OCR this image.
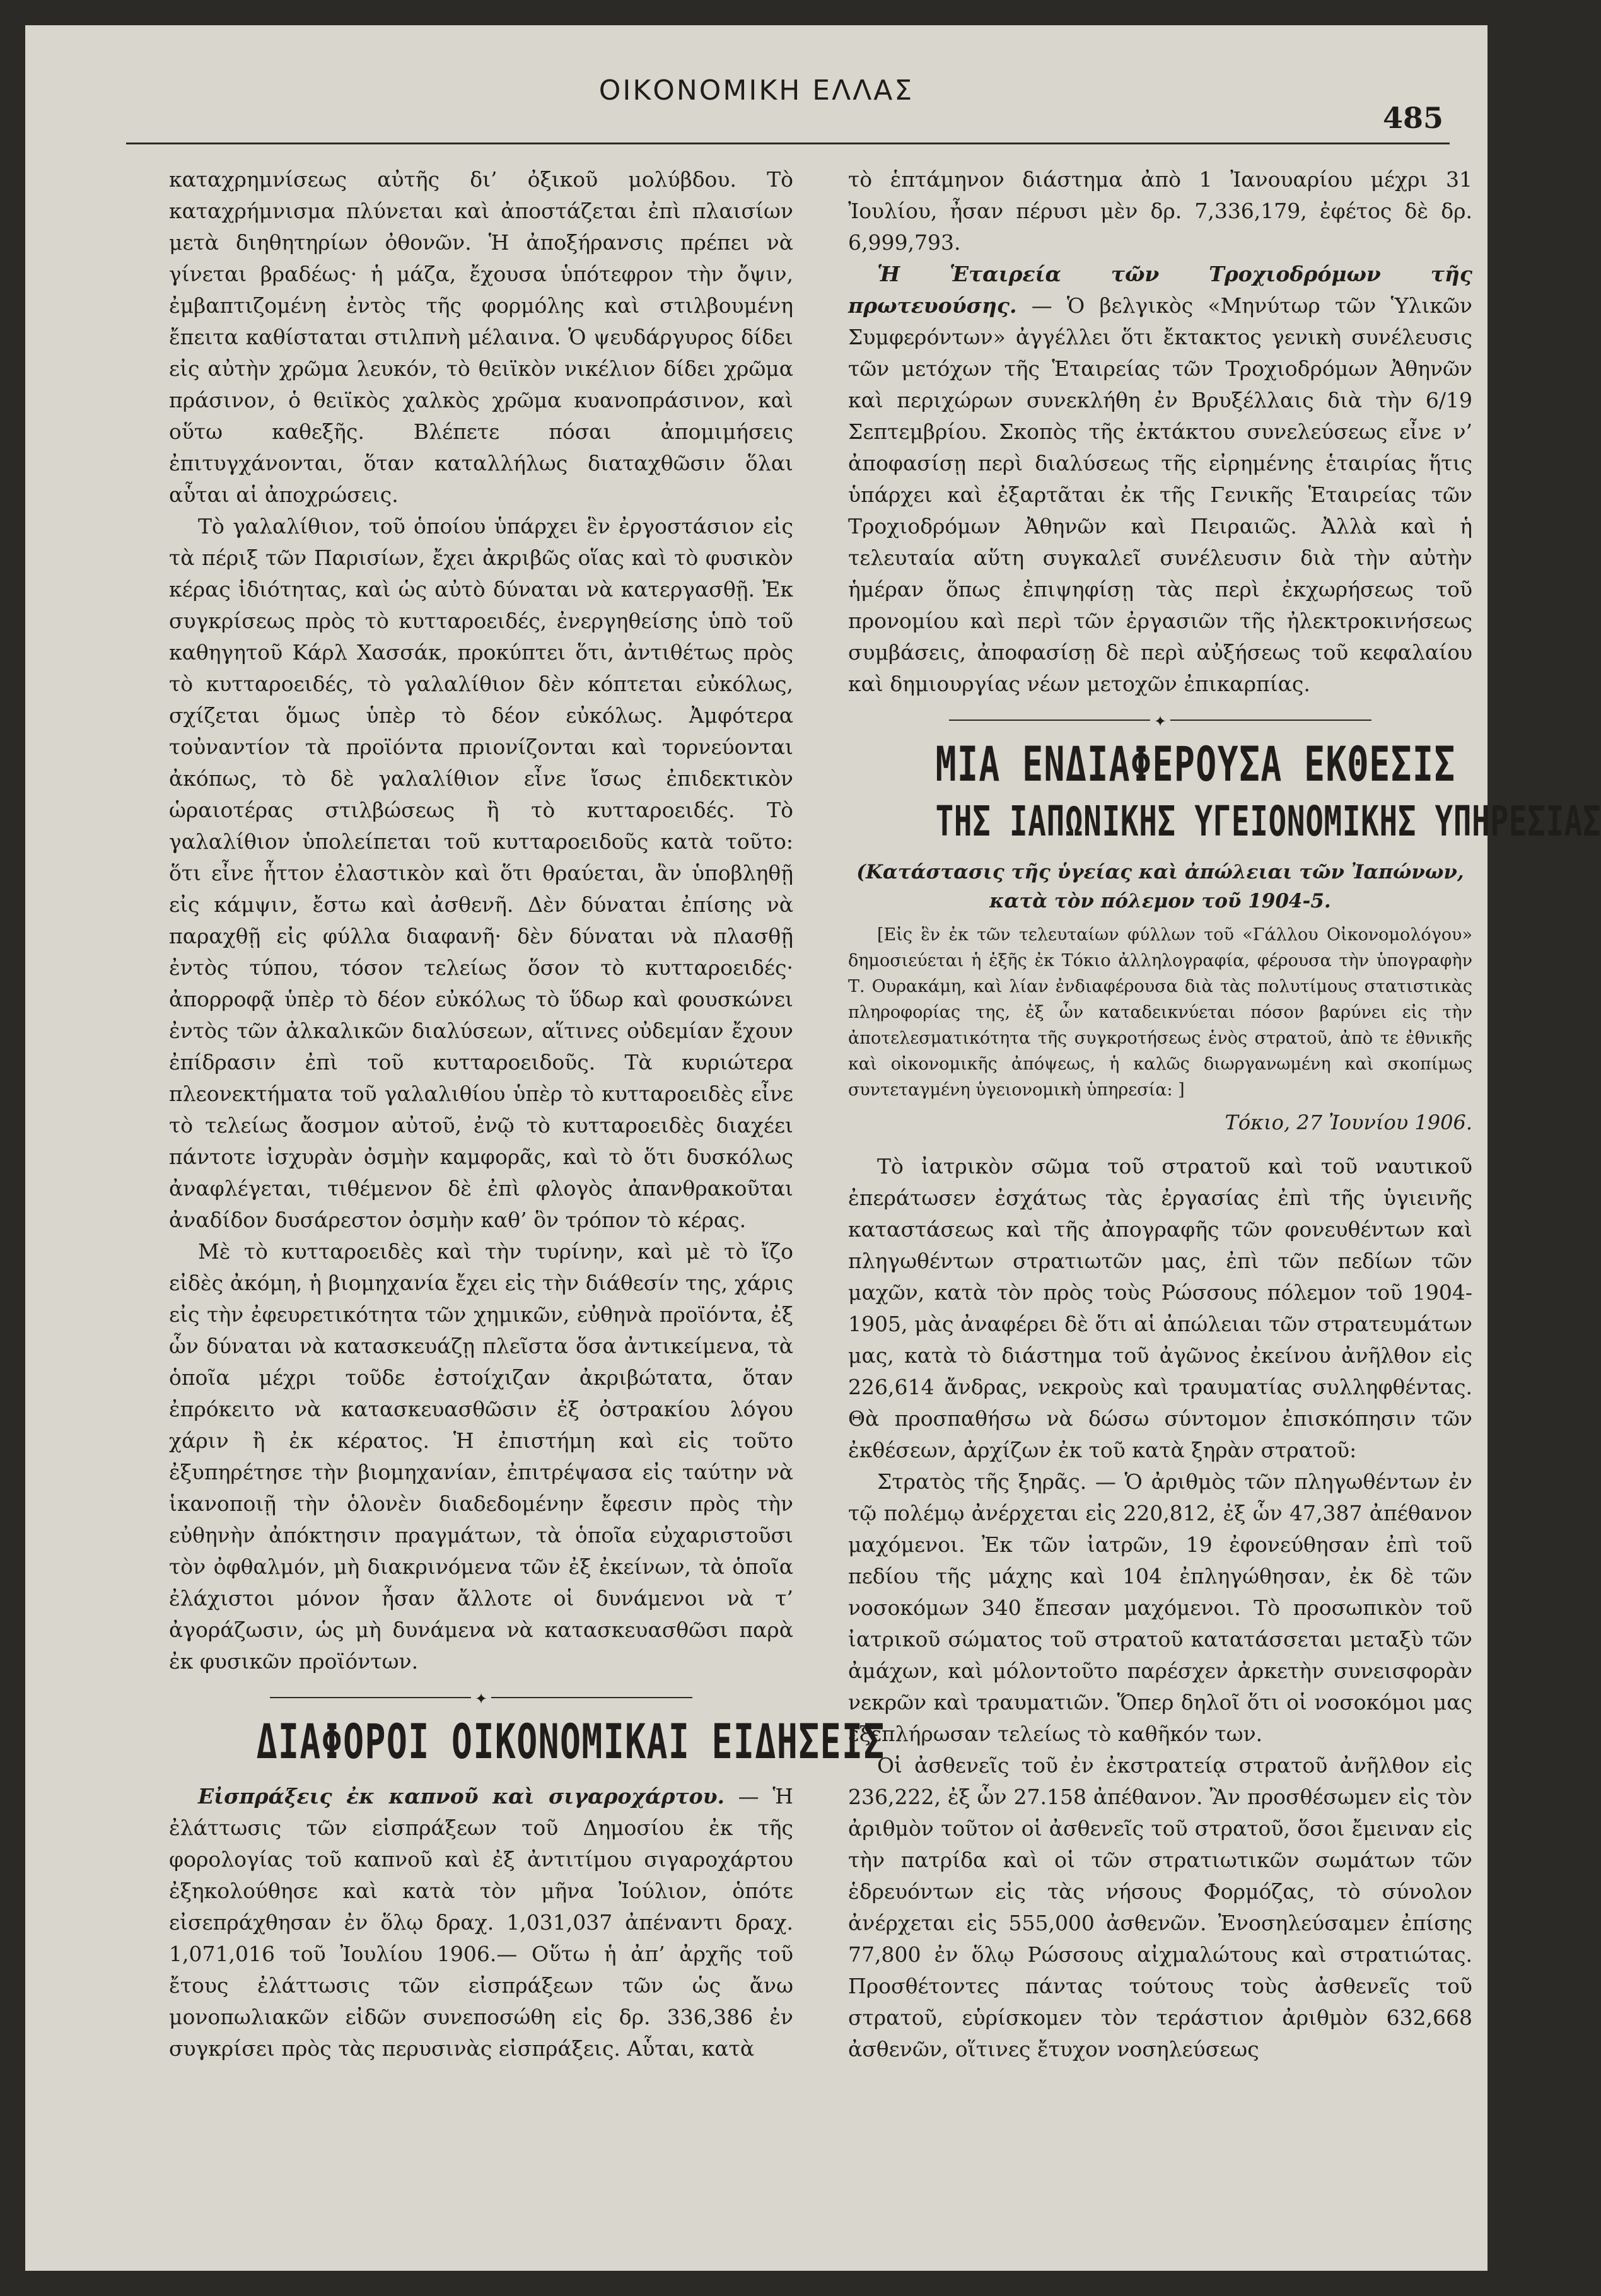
ΟΙΚΟΝΟΜΙΚΗ ΕΛΛΑΣ
485

καταχρημνίσεως αὐτῆς δι’ ὀξικοῦ μολύβδου. Τὸ καταχρήμνισμα πλύνεται καὶ ἀποστάζεται ἐπὶ πλαισίων μετὰ διηθητηρίων ὀθονῶν. Ἡ ἀποξήρανσις πρέπει νὰ γίνεται βραδέως· ἡ μάζα, ἔχουσα ὑπότεφρον τὴν ὄψιν, ἐμβαπτιζομένη ἐντὸς τῆς φορμόλης καὶ στιλβουμένη ἔπειτα καθίσταται στιλπνὴ μέλαινα. Ὁ ψευδάργυρος δίδει εἰς αὐτὴν χρῶμα λευκόν, τὸ θειϊκὸν νικέλιον δίδει χρῶμα πράσινον, ὁ θειϊκὸς χαλκὸς χρῶμα κυανοπράσινον, καὶ οὕτω καθεξῆς. Βλέπετε πόσαι ἀπομιμήσεις ἐπιτυγχάνονται, ὅταν καταλλήλως διαταχθῶσιν ὅλαι αὗται αἱ ἀποχρώσεις.

Τὸ γαλαλίθιον, τοῦ ὁποίου ὑπάρχει ἓν ἐργοστάσιον εἰς τὰ πέριξ τῶν Παρισίων, ἔχει ἀκριβῶς οἵας καὶ τὸ φυσικὸν κέρας ἰδιότητας, καὶ ὡς αὐτὸ δύναται νὰ κατεργασθῇ. Ἐκ συγκρίσεως πρὸς τὸ κυτταροειδές, ἐνεργηθείσης ὑπὸ τοῦ καθηγητοῦ Κάρλ Χασσάκ, προκύπτει ὅτι, ἀντιθέτως πρὸς τὸ κυτταροειδές, τὸ γαλαλίθιον δὲν κόπτεται εὐκόλως, σχίζεται ὅμως ὑπὲρ τὸ δέον εὐκόλως. Ἀμφότερα τοὐναντίον τὰ προϊόντα πριονίζονται καὶ τορνεύονται ἀκόπως, τὸ δὲ γαλαλίθιον εἶνε ἴσως ἐπιδεκτικὸν ὡραιοτέρας στιλβώσεως ἢ τὸ κυτταροειδές. Τὸ γαλαλίθιον ὑπολείπεται τοῦ κυτταροειδοῦς κατὰ τοῦτο: ὅτι εἶνε ἧττον ἐλαστικὸν καὶ ὅτι θραύεται, ἂν ὑποβληθῇ εἰς κάμψιν, ἔστω καὶ ἀσθενῆ. Δὲν δύναται ἐπίσης νὰ παραχθῇ εἰς φύλλα διαφανῆ· δὲν δύναται νὰ πλασθῇ ἐντὸς τύπου, τόσον τελείως ὅσον τὸ κυτταροειδές· ἀπορροφᾷ ὑπὲρ τὸ δέον εὐκόλως τὸ ὕδωρ καὶ φουσκώνει ἐντὸς τῶν ἀλκαλικῶν διαλύσεων, αἵτινες οὐδεμίαν ἔχουν ἐπίδρασιν ἐπὶ τοῦ κυτταροειδοῦς. Τὰ κυριώτερα πλεονεκτήματα τοῦ γαλαλιθίου ὑπὲρ τὸ κυτταροειδὲς εἶνε τὸ τελείως ἄοσμον αὐτοῦ, ἐνῷ τὸ κυτταροειδὲς διαχέει πάντοτε ἰσχυρὰν ὀσμὴν καμφορᾶς, καὶ τὸ ὅτι δυσκόλως ἀναφλέγεται, τιθέμενον δὲ ἐπὶ φλογὸς ἀπανθρακοῦται ἀναδίδον δυσάρεστον ὀσμὴν καθ’ ὃν τρόπον τὸ κέρας.

Μὲ τὸ κυτταροειδὲς καὶ τὴν τυρίνην, καὶ μὲ τὸ ἴζο εἰδὲς ἀκόμη, ἡ βιομηχανία ἔχει εἰς τὴν διάθεσίν της, χάρις εἰς τὴν ἐφευρετικότητα τῶν χημικῶν, εὐθηνὰ προϊόντα, ἐξ ὧν δύναται νὰ κατασκευάζῃ πλεῖστα ὅσα ἀντικείμενα, τὰ ὁποῖα μέχρι τοῦδε ἐστοίχιζαν ἀκριβώτατα, ὅταν ἐπρόκειτο νὰ κατασκευασθῶσιν ἐξ ὀστρακίου λόγου χάριν ἢ ἐκ κέρατος. Ἡ ἐπιστήμη καὶ εἰς τοῦτο ἐξυπηρέτησε τὴν βιομηχανίαν, ἐπιτρέψασα εἰς ταύτην νὰ ἱκανοποιῇ τὴν ὁλονὲν διαδεδομένην ἔφεσιν πρὸς τὴν εὐθηνὴν ἀπόκτησιν πραγμάτων, τὰ ὁποῖα εὐχαριστοῦσι τὸν ὀφθαλμόν, μὴ διακρινόμενα τῶν ἐξ ἐκείνων, τὰ ὁποῖα ἐλάχιστοι μόνον ἦσαν ἄλλοτε οἱ δυνάμενοι νὰ τ’ ἀγοράζωσιν, ὡς μὴ δυνάμενα νὰ κατασκευασθῶσι παρὰ ἐκ φυσικῶν προϊόντων.

✦

ΔΙΑΦΟΡΟΙ ΟΙΚΟΝΟΜΙΚΑΙ ΕΙΔΗΣΕΙΣ

Εἰσπράξεις ἐκ καπνοῦ καὶ σιγαροχάρτου. — Ἡ ἐλάττωσις τῶν εἰσπράξεων τοῦ Δημοσίου ἐκ τῆς φορολογίας τοῦ καπνοῦ καὶ ἐξ ἀντιτίμου σιγαροχάρτου ἐξηκολούθησε καὶ κατὰ τὸν μῆνα Ἰούλιον, ὁπότε εἰσεπράχθησαν ἐν ὅλῳ δραχ. 1,031,037 ἀπέναντι δραχ. 1,071,016 τοῦ Ἰουλίου 1906.— Οὕτω ἡ ἀπ’ ἀρχῆς τοῦ ἔτους ἐλάττωσις τῶν εἰσπράξεων τῶν ὡς ἄνω μονοπωλιακῶν εἰδῶν συνεποσώθη εἰς δρ. 336,386 ἐν συγκρίσει πρὸς τὰς περυσινὰς εἰσπράξεις. Αὗται, κατὰ

τὸ ἑπτάμηνον διάστημα ἀπὸ 1 Ἰανουαρίου μέχρι 31 Ἰουλίου, ἦσαν πέρυσι μὲν δρ. 7,336,179, ἐφέτος δὲ δρ. 6,999,793.

Ἡ Ἑταιρεία τῶν Τροχιοδρόμων τῆς πρωτευούσης. — Ὁ βελγικὸς «Μηνύτωρ τῶν Ὑλικῶν Συμφερόντων» ἀγγέλλει ὅτι ἔκτακτος γενικὴ συνέλευσις τῶν μετόχων τῆς Ἑταιρείας τῶν Τροχιοδρόμων Ἀθηνῶν καὶ περιχώρων συνεκλήθη ἐν Βρυξέλλαις διὰ τὴν 6/19 Σεπτεμβρίου. Σκοπὸς τῆς ἐκτάκτου συνελεύσεως εἶνε ν’ ἀποφασίσῃ περὶ διαλύσεως τῆς εἰρημένης ἑταιρίας ἥτις ὑπάρχει καὶ ἐξαρτᾶται ἐκ τῆς Γενικῆς Ἑταιρείας τῶν Τροχιοδρόμων Ἀθηνῶν καὶ Πειραιῶς. Ἀλλὰ καὶ ἡ τελευταία αὕτη συγκαλεῖ συνέλευσιν διὰ τὴν αὐτὴν ἡμέραν ὅπως ἐπιψηφίσῃ τὰς περὶ ἐκχωρήσεως τοῦ προνομίου καὶ περὶ τῶν ἐργασιῶν τῆς ἠλεκτροκινήσεως συμβάσεις, ἀποφασίσῃ δὲ περὶ αὐξήσεως τοῦ κεφαλαίου καὶ δημιουργίας νέων μετοχῶν ἐπικαρπίας.

✦

ΜΙΑ ΕΝΔΙΑΦΕΡΟΥΣΑ ΕΚΘΕΣΙΣ

ΤΗΣ ΙΑΠΩΝΙΚΗΣ ΥΓΕΙΟΝΟΜΙΚΗΣ ΥΠΗΡΕΣΙΑΣ

(Κατάστασις τῆς ὑγείας καὶ ἀπώλειαι τῶν Ἰαπώνων, κατὰ τὸν πόλεμον τοῦ 1904-5.

[Εἰς ἓν ἐκ τῶν τελευταίων φύλλων τοῦ «Γάλλου Οἰκονομολόγου» δημοσιεύεται ἡ ἑξῆς ἐκ Τόκιο ἀλληλογραφία, φέρουσα τὴν ὑπογραφὴν Τ. Ουρακάμη, καὶ λίαν ἐνδιαφέρουσα διὰ τὰς πολυτίμους στατιστικὰς πληροφορίας της, ἐξ ὧν καταδεικνύεται πόσον βαρύνει εἰς τὴν ἀποτελεσματικότητα τῆς συγκροτήσεως ἑνὸς στρατοῦ, ἀπὸ τε ἐθνικῆς καὶ οἰκονομικῆς ἀπόψεως, ἡ καλῶς διωργανωμένη καὶ σκοπίμως συντεταγμένη ὑγειονομικὴ ὑπηρεσία: ]

Τόκιο, 27 Ἰουνίου 1906.

Τὸ ἰατρικὸν σῶμα τοῦ στρατοῦ καὶ τοῦ ναυτικοῦ ἐπεράτωσεν ἐσχάτως τὰς ἐργασίας ἐπὶ τῆς ὑγιεινῆς καταστάσεως καὶ τῆς ἀπογραφῆς τῶν φονευθέντων καὶ πληγωθέντων στρατιωτῶν μας, ἐπὶ τῶν πεδίων τῶν μαχῶν, κατὰ τὸν πρὸς τοὺς Ρώσσους πόλεμον τοῦ 1904-1905, μὰς ἀναφέρει δὲ ὅτι αἱ ἀπώλειαι τῶν στρατευμάτων μας, κατὰ τὸ διάστημα τοῦ ἀγῶνος ἐκείνου ἀνῆλθον εἰς 226,614 ἄνδρας, νεκροὺς καὶ τραυματίας συλληφθέντας. Θὰ προσπαθήσω νὰ δώσω σύντομον ἐπισκόπησιν τῶν ἐκθέσεων, ἀρχίζων ἐκ τοῦ κατὰ ξηρὰν στρατοῦ:

Στρατὸς τῆς ξηρᾶς. — Ὁ ἀριθμὸς τῶν πληγωθέντων ἐν τῷ πολέμῳ ἀνέρχεται εἰς 220,812, ἐξ ὧν 47,387 ἀπέθανον μαχόμενοι. Ἐκ τῶν ἰατρῶν, 19 ἐφονεύθησαν ἐπὶ τοῦ πεδίου τῆς μάχης καὶ 104 ἐπληγώθησαν, ἐκ δὲ τῶν νοσοκόμων 340 ἔπεσαν μαχόμενοι. Τὸ προσωπικὸν τοῦ ἰατρικοῦ σώματος τοῦ στρατοῦ κατατάσσεται μεταξὺ τῶν ἀμάχων, καὶ μόλοντοῦτο παρέσχεν ἀρκετὴν συνεισφορὰν νεκρῶν καὶ τραυματιῶν. Ὅπερ δηλοῖ ὅτι οἱ νοσοκόμοι μας ἐξεπλήρωσαν τελείως τὸ καθῆκόν των.

Οἱ ἀσθενεῖς τοῦ ἐν ἐκστρατείᾳ στρατοῦ ἀνῆλθον εἰς 236,222, ἐξ ὧν 27.158 ἀπέθανον. Ἂν προσθέσωμεν εἰς τὸν ἀριθμὸν τοῦτον οἱ ἀσθενεῖς τοῦ στρατοῦ, ὅσοι ἔμειναν εἰς τὴν πατρίδα καὶ οἱ τῶν στρατιωτικῶν σωμάτων τῶν ἑδρευόντων εἰς τὰς νήσους Φορμόζας, τὸ σύνολον ἀνέρχεται εἰς 555,000 ἀσθενῶν. Ἐνοσηλεύσαμεν ἐπίσης 77,800 ἐν ὅλῳ Ρώσσους αἰχμαλώτους καὶ στρατιώτας. Προσθέτοντες πάντας τούτους τοὺς ἀσθενεῖς τοῦ στρατοῦ, εὑρίσκομεν τὸν τεράστιον ἀριθμὸν 632,668 ἀσθενῶν, οἵτινες ἔτυχον νοσηλεύσεως
